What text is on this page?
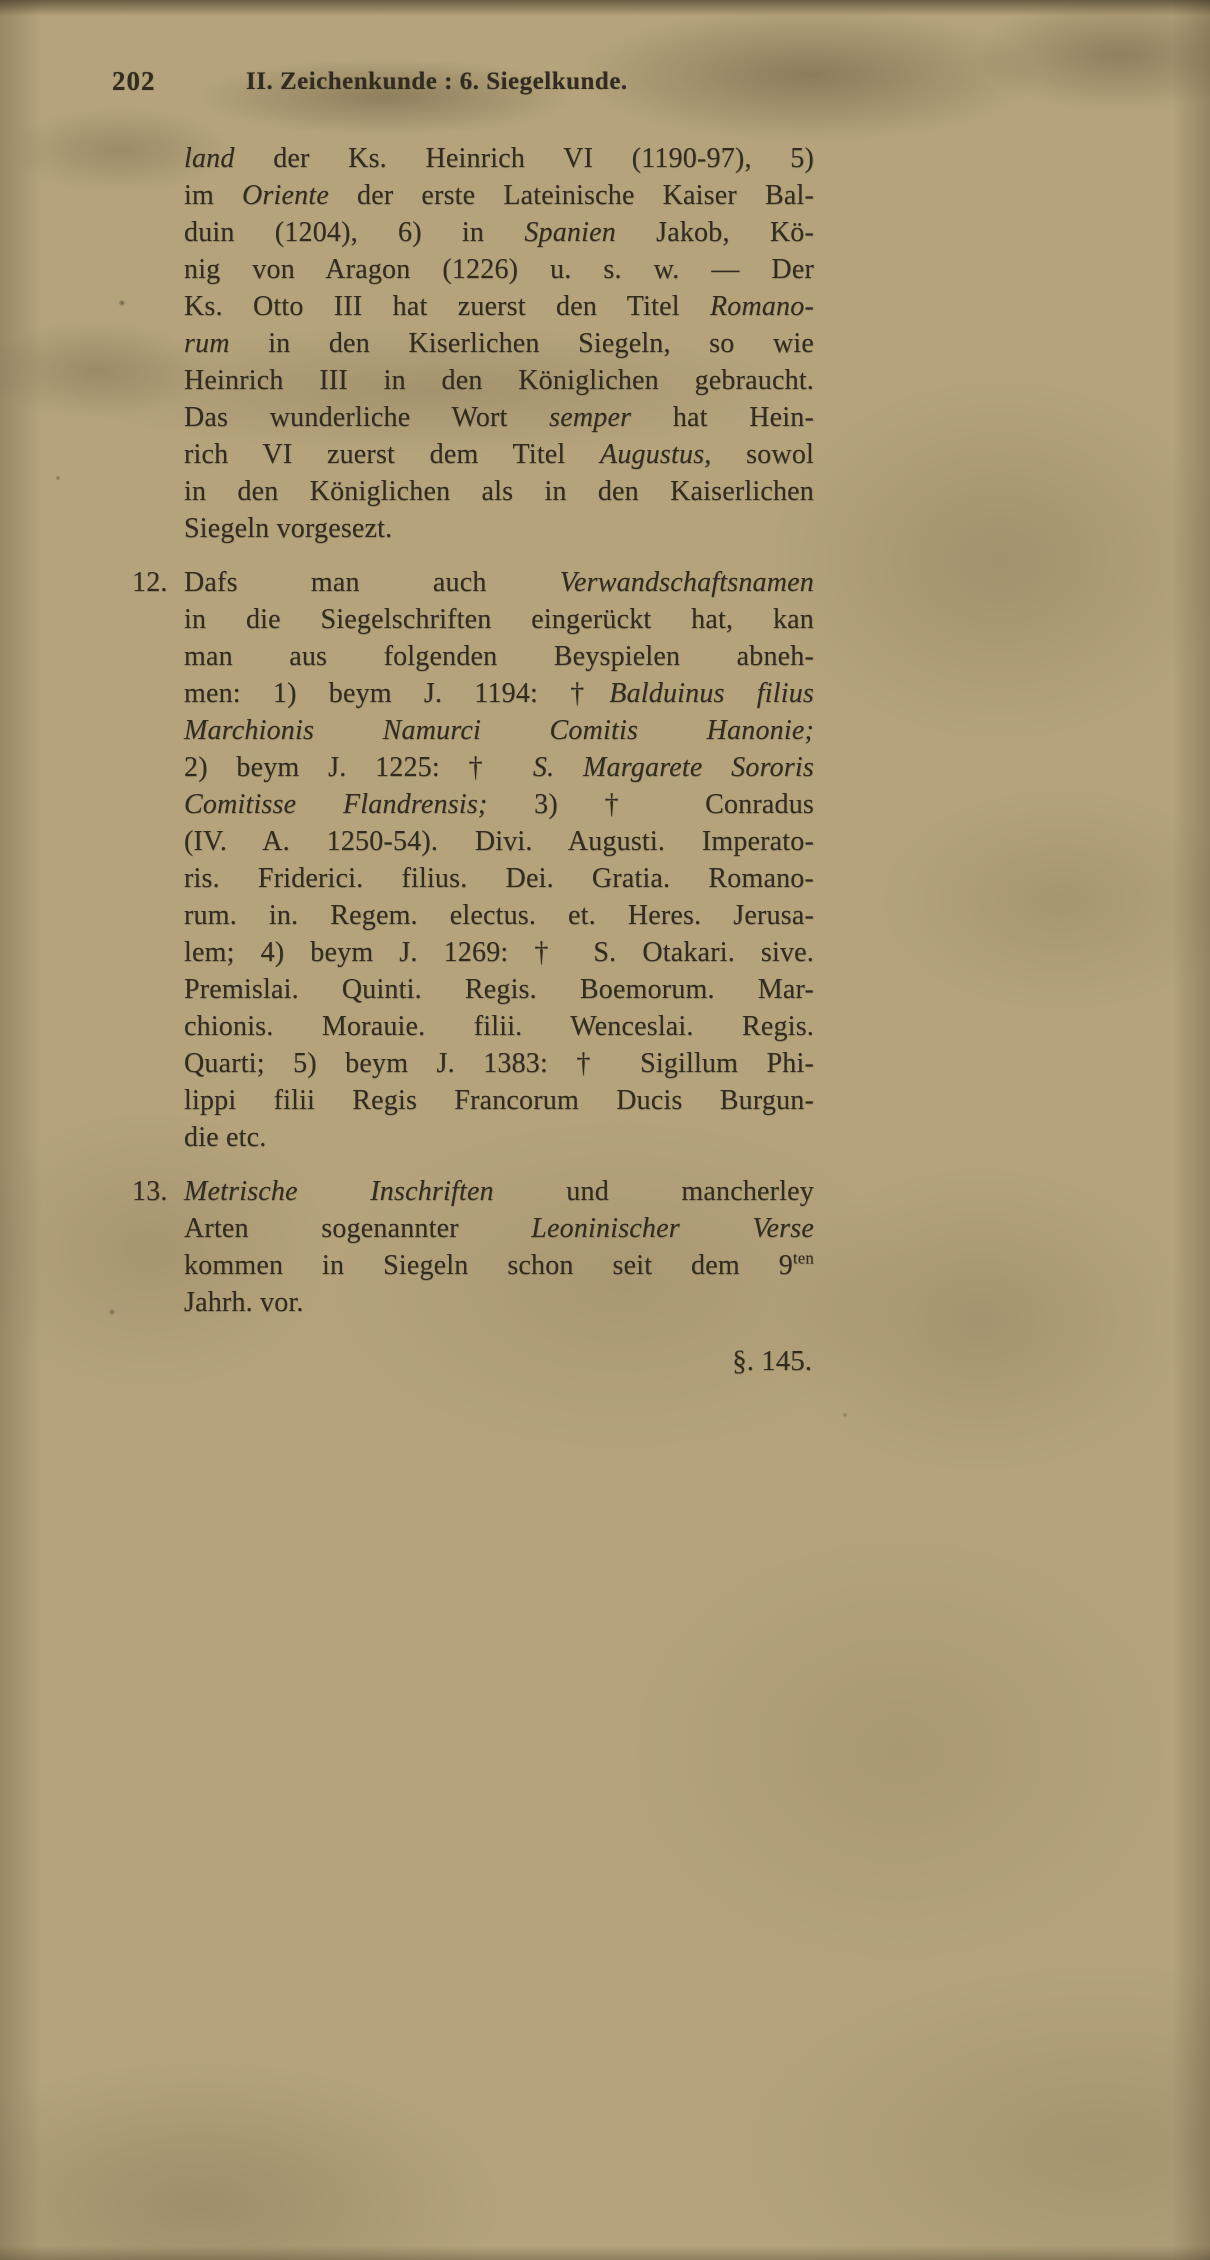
202	II. Zeichenkunde : 6. Siegelkunde.
land der Ks. Heinrich VI (1190-97), 5)
im Oriente der erste Lateinische Kaiser Bal-
duin (1204), 6) in Spanien Jakob, Kö-
nig von Aragon (1226) u. s. w. — Der
Ks. Otto III hat zuerst den Titel Romano-
rum in den Kiserlichen Siegeln, so wie
Heinrich III in den Königlichen gebraucht.
Das wunderliche Wort semper hat Hein-
rich VI zuerst dem Titel Augustus, sowol
in den Königlichen als in den Kaiserlichen
Siegeln vorgesezt.
12. Dafs man auch Verwandschaftsnamen
in die Siegelschriften eingerückt hat, kan
man aus folgenden Beyspielen abneh-
men: 1) beym J. 1194: †Balduinus filius
Marchionis Namurci Comitis Hanonie;
2) beym J. 1225: † S. Margarete Sororis
Comitisse Flandrensis; 3) † Conradus
(IV. A. 1250-54). Divi. Augusti. Imperato-
ris. Friderici. filius. Dei. Gratia. Romano-
rum. in. Regem. electus. et. Heres. Jerusa-
lem; 4) beym J. 1269: † S. Otakari. sive.
Premislai. Quinti. Regis. Boemorum. Mar-
chionis. Morauie. filii. Wenceslai. Regis.
Quarti; 5) beym J. 1383: † Sigillum Phi-
lippi filii Regis Francorum Ducis Burgun-
die etc.
13. Metrische Inschriften und mancherley
Arten sogenannter Leoninischer Verse
kommen in Siegeln schon seit dem $9^{ten}$
Jahrh. vor.
§. 145.
